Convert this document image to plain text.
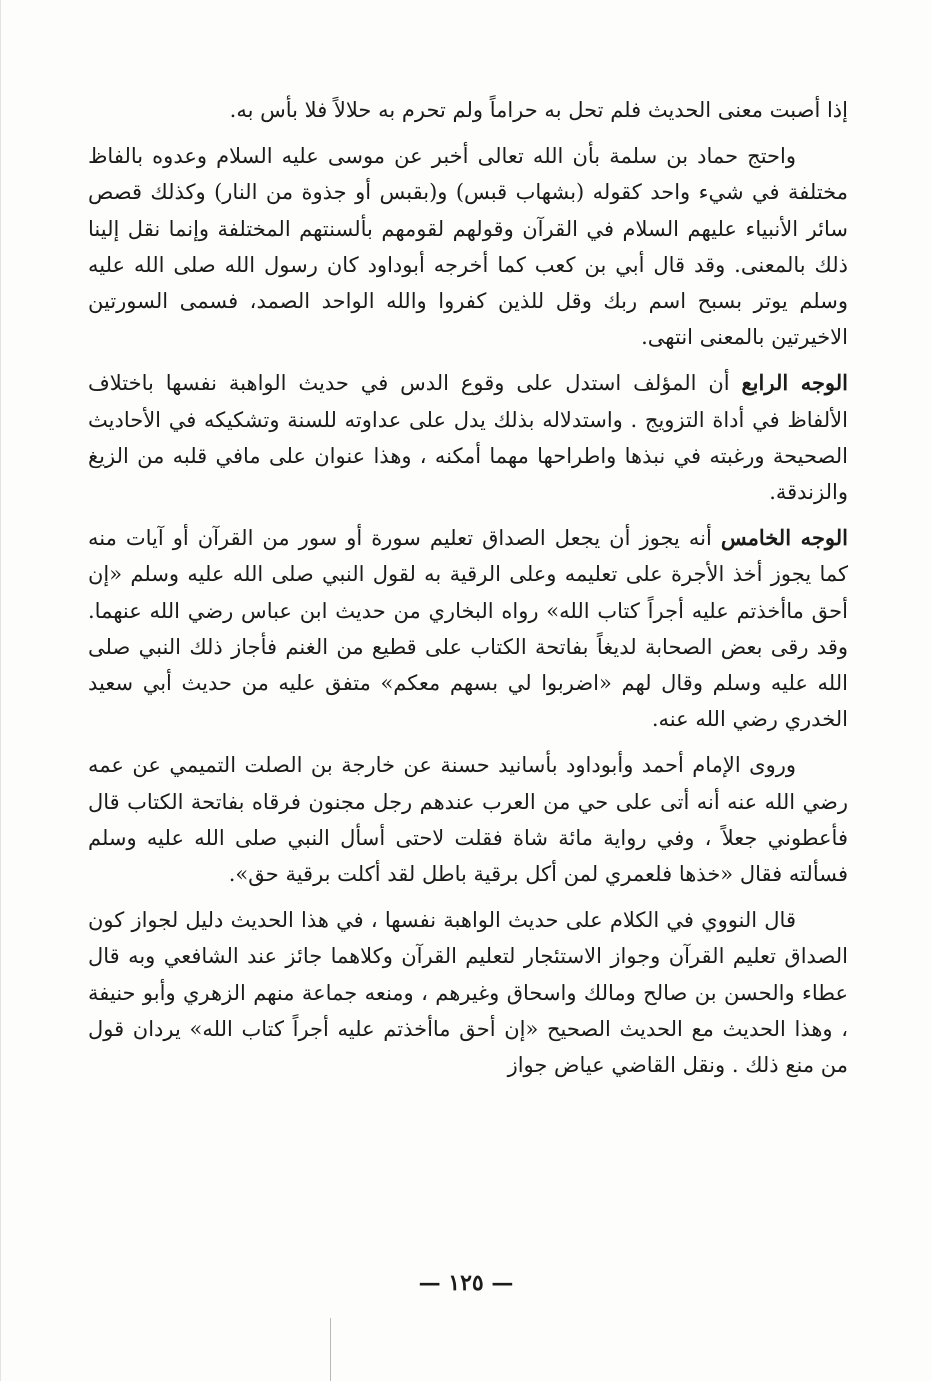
إذا أصبت معنى الحديث فلم تحل به حراماً ولم تحرم به حلالاً فلا بأس به.

واحتج حماد بن سلمة بأن الله تعالى أخبر عن موسى عليه السلام وعدوه بالفاظ مختلفة في شيء واحد كقوله (بشهاب قبس) و(بقبس أو جذوة من النار) وكذلك قصص سائر الأنبياء عليهم السلام في القرآن وقولهم لقومهم بألسنتهم المختلفة وإنما نقل إلينا ذلك بالمعنى. وقد قال أبي بن كعب كما أخرجه أبوداود كان رسول الله صلى الله عليه وسلم يوتر بسبح اسم ربك وقل للذين كفروا والله الواحد الصمد، فسمى السورتين الاخيرتين بالمعنى انتهى.

الوجه الرابع أن المؤلف استدل على وقوع الدس في حديث الواهبة نفسها باختلاف الألفاظ في أداة التزويج . واستدلاله بذلك يدل على عداوته للسنة وتشكيكه في الأحاديث الصحيحة ورغبته في نبذها واطراحها مهما أمكنه ، وهذا عنوان على مافي قلبه من الزيغ والزندقة.

الوجه الخامس أنه يجوز أن يجعل الصداق تعليم سورة أو سور من القرآن أو آيات منه كما يجوز أخذ الأجرة على تعليمه وعلى الرقية به لقول النبي صلى الله عليه وسلم «إن أحق ماأخذتم عليه أجراً كتاب الله» رواه البخاري من حديث ابن عباس رضي الله عنهما. وقد رقى بعض الصحابة لديغاً بفاتحة الكتاب على قطيع من الغنم فأجاز ذلك النبي صلى الله عليه وسلم وقال لهم «اضربوا لي بسهم معكم» متفق عليه من حديث أبي سعيد الخدري رضي الله عنه.

وروى الإمام أحمد وأبوداود بأسانيد حسنة عن خارجة بن الصلت التميمي عن عمه رضي الله عنه أنه أتى على حي من العرب عندهم رجل مجنون فرقاه بفاتحة الكتاب قال فأعطوني جعلاً ، وفي رواية مائة شاة فقلت لاحتى أسأل النبي صلى الله عليه وسلم فسألته فقال «خذها فلعمري لمن أكل برقية باطل لقد أكلت برقية حق».

قال النووي في الكلام على حديث الواهبة نفسها ، في هذا الحديث دليل لجواز كون الصداق تعليم القرآن وجواز الاستئجار لتعليم القرآن وكلاهما جائز عند الشافعي وبه قال عطاء والحسن بن صالح ومالك واسحاق وغيرهم ، ومنعه جماعة منهم الزهري وأبو حنيفة ، وهذا الحديث مع الحديث الصحيح «إن أحق ماأخذتم عليه أجراً كتاب الله» يردان قول من منع ذلك . ونقل القاضي عياض جواز

— ١٢٥ —
